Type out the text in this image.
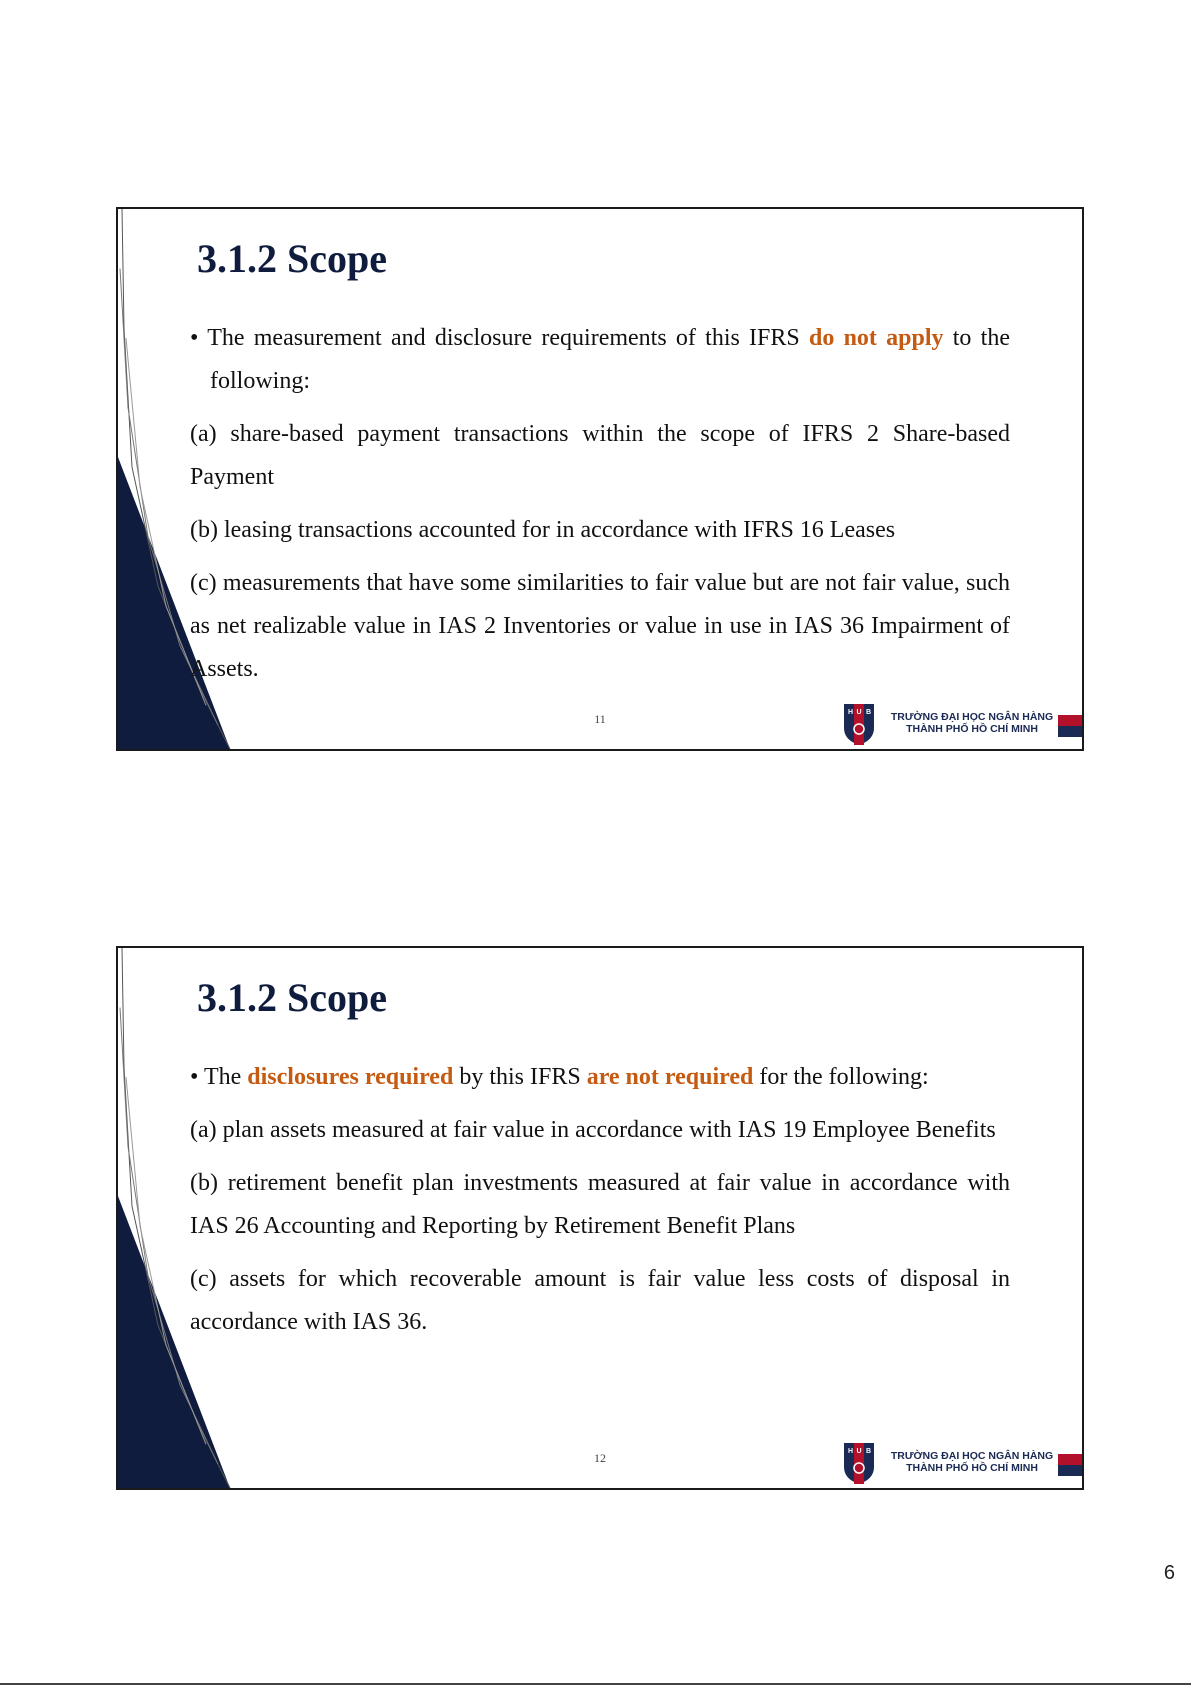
3.1.2 Scope

• The measurement and disclosure requirements of this IFRS do not apply to the following:

(a) share-based payment transactions within the scope of IFRS 2 Share-based Payment

(b) leasing transactions accounted for in accordance with IFRS 16 Leases

(c) measurements that have some similarities to fair value but are not fair value, such as net realizable value in IAS 2 Inventories or value in use in IAS 36 Impairment of Assets.

11	H U B	TRƯỜNG ĐẠI HỌC NGÂN HÀNG
THÀNH PHỐ HỒ CHÍ MINH
3.1.2 Scope

• The disclosures required by this IFRS are not required for the following:

(a) plan assets measured at fair value in accordance with IAS 19 Employee Benefits

(b) retirement benefit plan investments measured at fair value in accordance with IAS 26 Accounting and Reporting by Retirement Benefit Plans

(c) assets for which recoverable amount is fair value less costs of disposal in accordance with IAS 36.

12	H U B	TRƯỜNG ĐẠI HỌC NGÂN HÀNG
THÀNH PHỐ HỒ CHÍ MINH
6
